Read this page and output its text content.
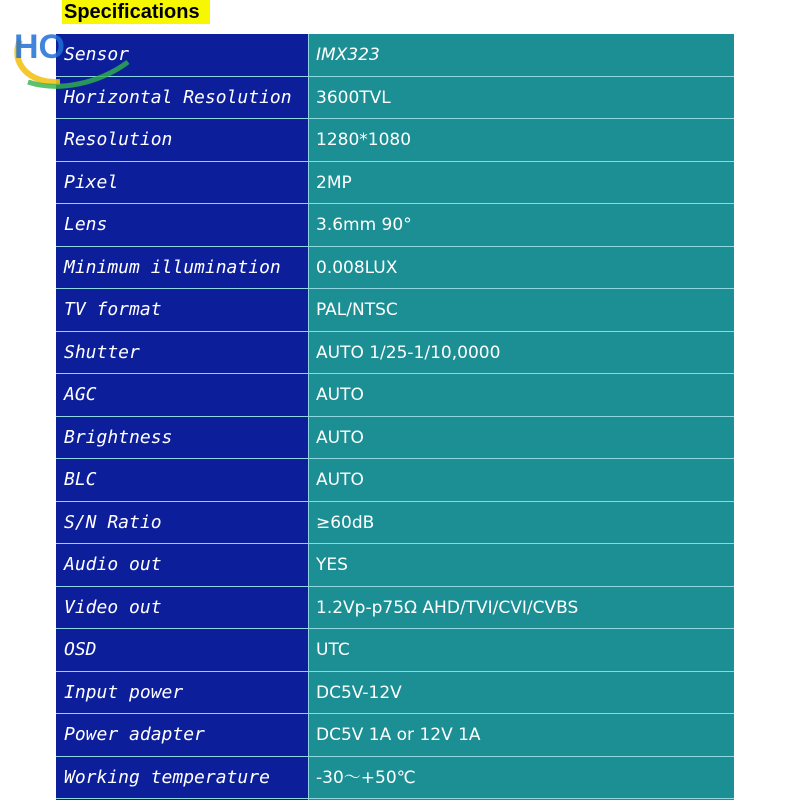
Specifications
HO Sensor	IMX323
Horizontal Resolution 3600TVL
Resolution	1280*1080
Pixel	2MP
Lens	3.6mm 90°
Minimum illumination 0.008LUX
TV format	PAL/NTSC
Shutter	AUTO 1/25-1/10,0000
AGC	AUTO
Brightness	AUTO
BLC	AUTO
S/N Ratio	≥60dB
Audio out	YES
Video out	1.2Vp-p75Ω AHD/TVI/CVI/CVBS
OSD	UTC
Input power	DC5V-12V
Power adapter	DC5V 1A or 12V 1A
Working temperature	-30～+50℃
